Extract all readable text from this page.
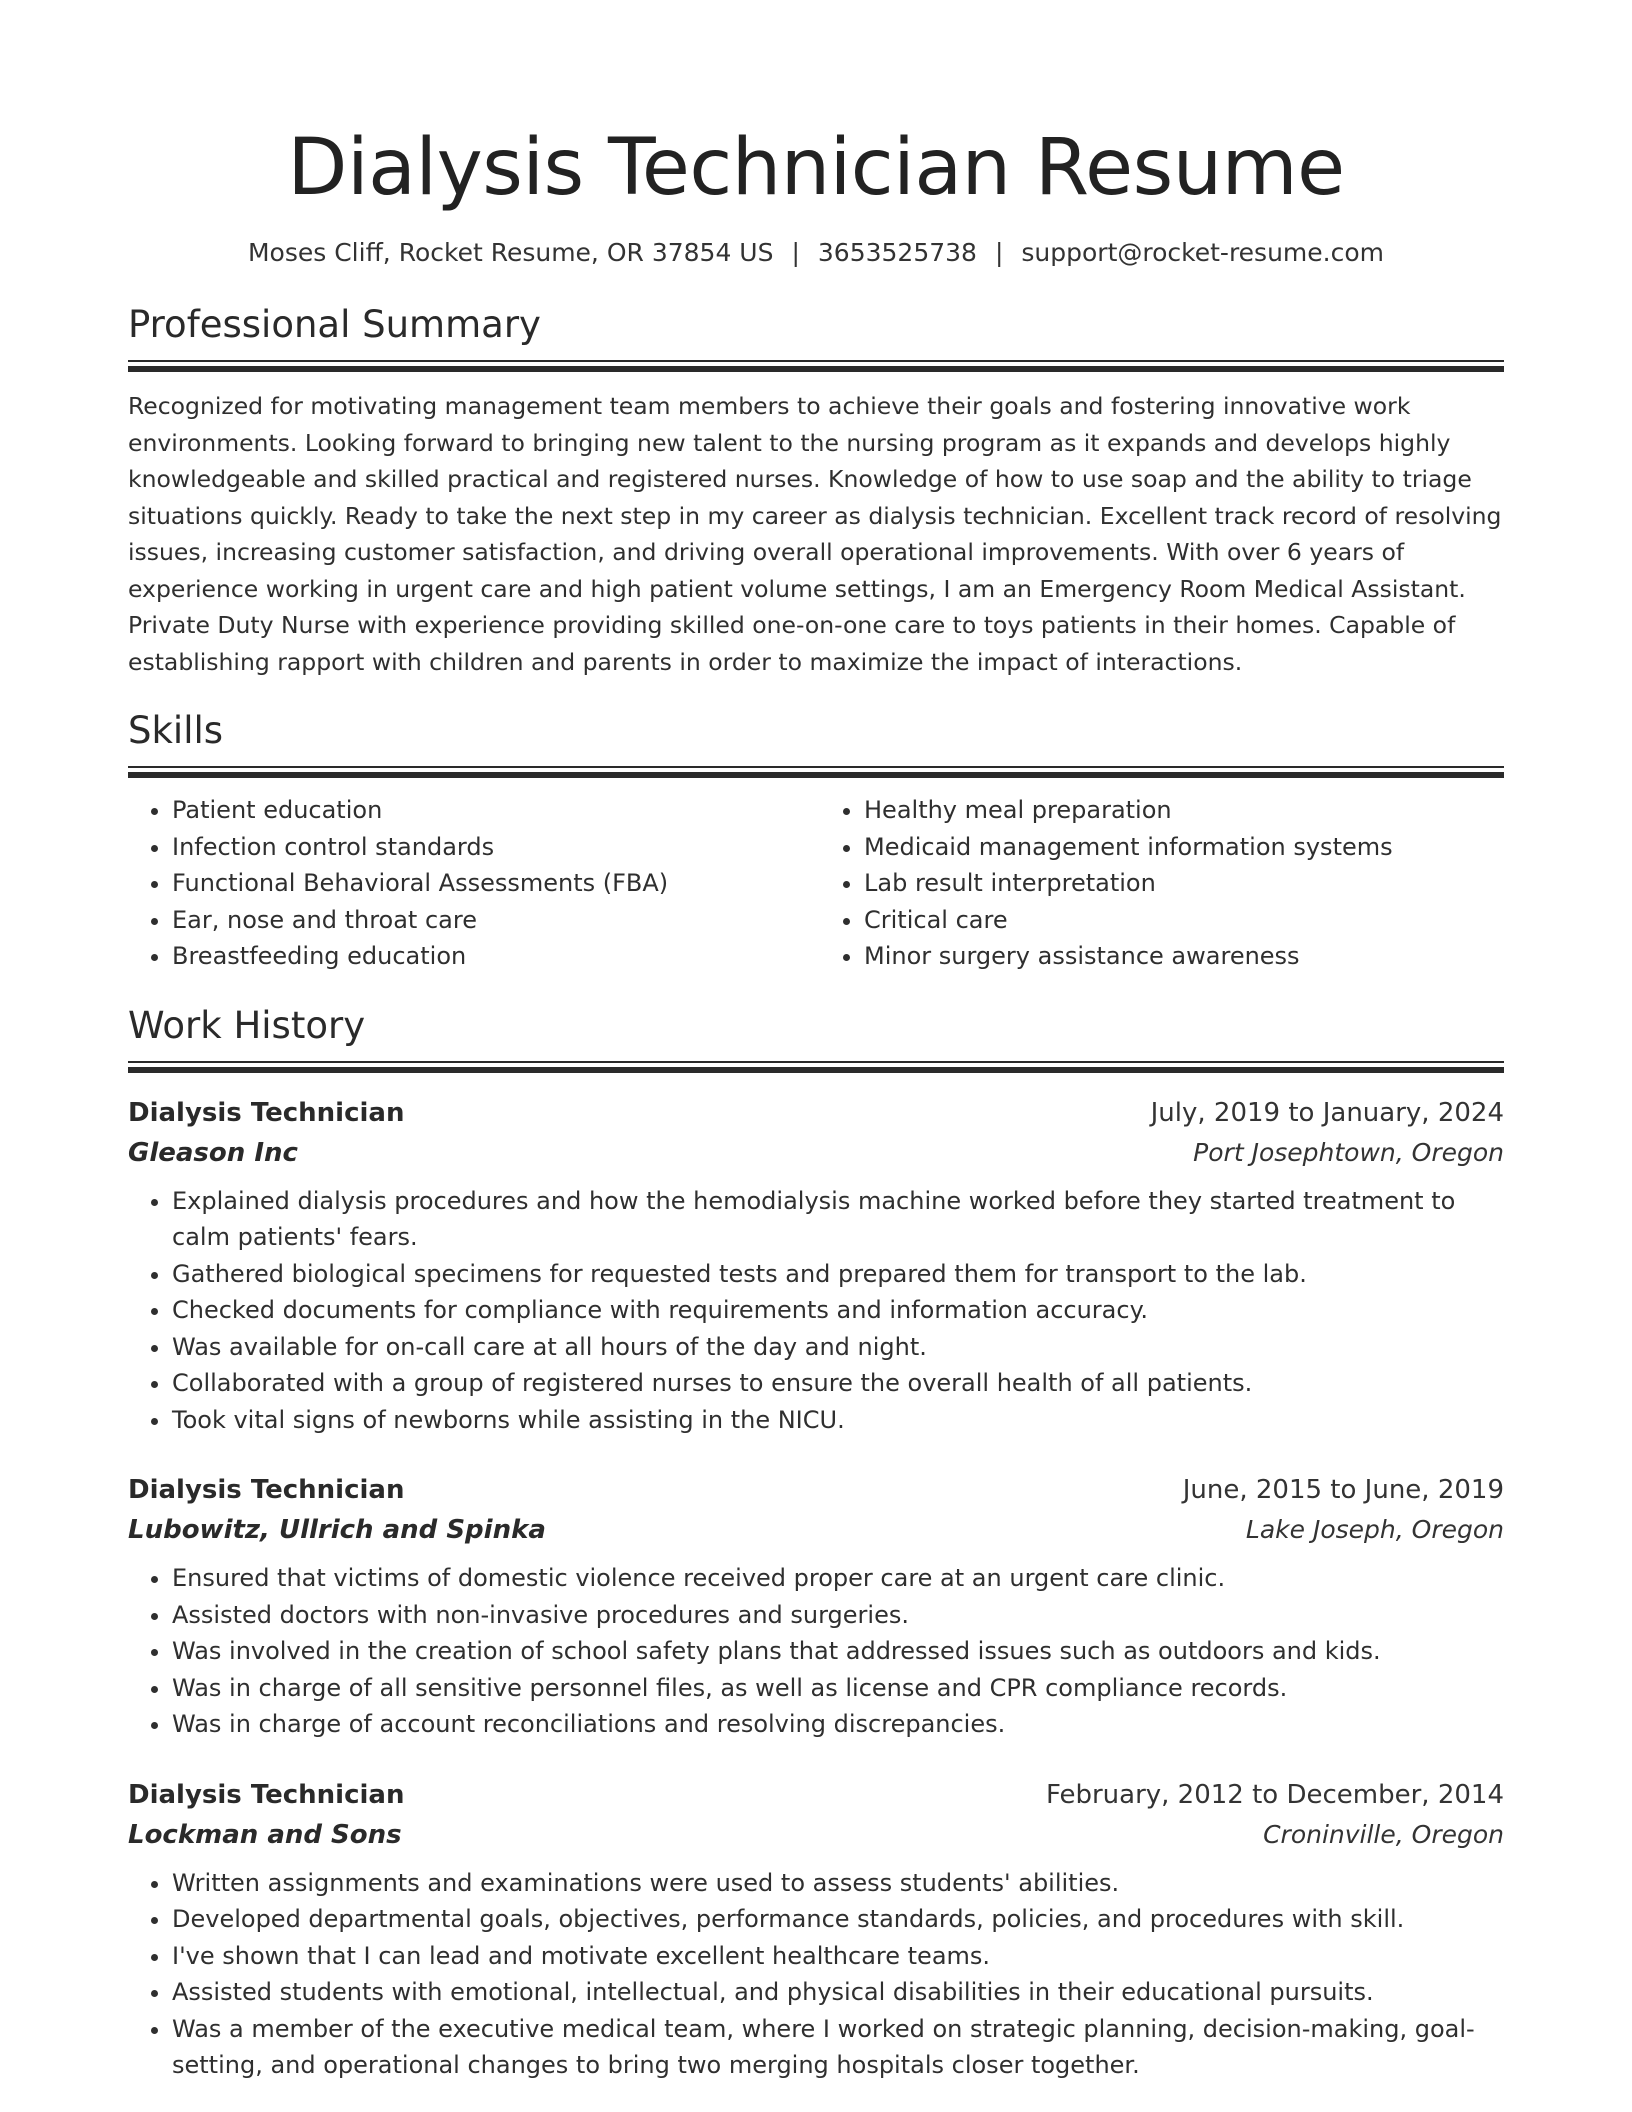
Dialysis Technician Resume
Moses Cliff, Rocket Resume, OR 37854 US | 3653525738 | support@rocket-resume.com
Professional Summary

Recognized for motivating management team members to achieve their goals and fostering innovative work environments. Looking forward to bringing new talent to the nursing program as it expands and develops highly knowledgeable and skilled practical and registered nurses. Knowledge of how to use soap and the ability to triage situations quickly. Ready to take the next step in my career as dialysis technician. Excellent track record of resolving issues, increasing customer satisfaction, and driving overall operational improvements. With over 6 years of experience working in urgent care and high patient volume settings, I am an Emergency Room Medical Assistant. Private Duty Nurse with experience providing skilled one-on-one care to toys patients in their homes. Capable of establishing rapport with children and parents in order to maximize the impact of interactions.

Skills
• Patient education
• Infection control standards
• Functional Behavioral Assessments (FBA)
• Ear, nose and throat care
• Breastfeeding education
• Healthy meal preparation
• Medicaid management information systems
• Lab result interpretation
• Critical care
• Minor surgery assistance awareness
Work History
Dialysis Technician	July, 2019 to January, 2024
Gleason Inc	Port Josephtown, Oregon
• Explained dialysis procedures and how the hemodialysis machine worked before they started treatment to calm patients' fears.
• Gathered biological specimens for requested tests and prepared them for transport to the lab.
• Checked documents for compliance with requirements and information accuracy.
• Was available for on-call care at all hours of the day and night.
• Collaborated with a group of registered nurses to ensure the overall health of all patients.
• Took vital signs of newborns while assisting in the NICU.
Dialysis Technician	June, 2015 to June, 2019
Lubowitz, Ullrich and Spinka	Lake Joseph, Oregon
• Ensured that victims of domestic violence received proper care at an urgent care clinic.
• Assisted doctors with non-invasive procedures and surgeries.
• Was involved in the creation of school safety plans that addressed issues such as outdoors and kids.
• Was in charge of all sensitive personnel files, as well as license and CPR compliance records.
• Was in charge of account reconciliations and resolving discrepancies.
Dialysis Technician	February, 2012 to December, 2014
Lockman and Sons	Croninville, Oregon
• Written assignments and examinations were used to assess students' abilities.
• Developed departmental goals, objectives, performance standards, policies, and procedures with skill.
• I've shown that I can lead and motivate excellent healthcare teams.
• Assisted students with emotional, intellectual, and physical disabilities in their educational pursuits.
• Was a member of the executive medical team, where I worked on strategic planning, decision-making, goal-setting, and operational changes to bring two merging hospitals closer together.
